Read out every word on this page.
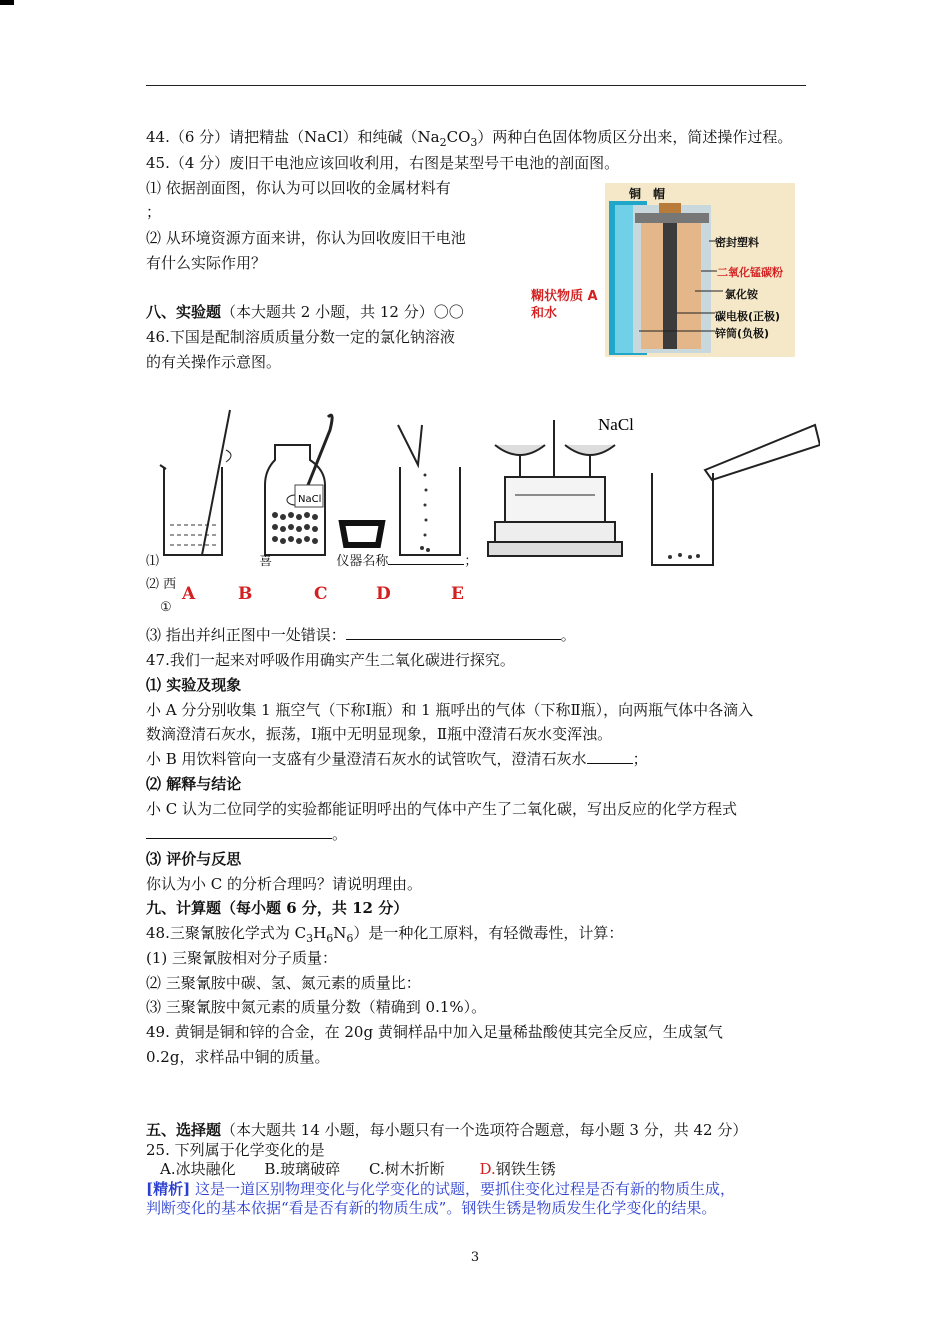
44.（6 分）请把精盐（NaCl）和纯碱$(Na_2CO_3)$两种白色固体物质区分出来，简述操作过程。
45.（4 分）废旧干电池应该回收利用，右图是某型号干电池的剖面图。
⑴ 依据剖面图，你认为可以回收的金属材料有
；
⑵ 从环境资源方面来讲，你认为回收废旧干电池
有什么实际作用？
铜　帽
密封塑料
二氧化锰碳粉
氯化铵
碳电极(正极)
锌筒(负极)
糊状物质 A
和水
八、实验题（本大题共 2 小题，共 12 分）〇〇
46.下国是配制溶质质量分数一定的氯化钠溶液
的有关操作示意图。
NaCl
NaCl
⑴	喜	仪器名称	；
⑵ 西
①
A	B	C	D	E
⑶ 指出并纠正图中一处错误：	。
47.我们一起来对呼吸作用确实产生二氧化碳进行探究。
⑴ 实验及现象
小 A 分分别收集 1 瓶空气（下称Ⅰ瓶）和 1 瓶呼出的气体（下称Ⅱ瓶），向两瓶气体中各滴入
数滴澄清石灰水，振荡，Ⅰ瓶中无明显现象，Ⅱ瓶中澄清石灰水变浑浊。
小 B 用饮料管向一支盛有少量澄清石灰水的试管吹气，澄清石灰水	；
⑵ 解释与结论
小 C 认为二位同学的实验都能证明呼出的气体中产生了二氧化碳，写出反应的化学方程式
。
⑶ 评价与反思
你认为小 C 的分析合理吗？请说明理由。
九、计算题（每小题 6 分，共 12 分）
48.三聚氰胺化学式为 $C_3H_6N_6$）是一种化工原料，有轻微毒性，计算：
(1) 三聚氰胺相对分子质量：
⑵ 三聚氰胺中碳、氢、氮元素的质量比：
⑶ 三聚氰胺中氮元素的质量分数（精确到 0.1%）。
49. 黄铜是铜和锌的合金，在 20g 黄铜样品中加入足量稀盐酸使其完全反应，生成氢气
0.2g，求样品中铜的质量。
五、选择题（本大题共 14 小题，每小题只有一个选项符合题意，每小题 3 分，共 42 分）
25. 下列属于化学变化的是
A.冰块融化 B.玻璃破碎 C.树木折断 D.钢铁生锈
[精析] 这是一道区别物理变化与化学变化的试题，要抓住变化过程是否有新的物质生成，
判断变化的基本依据“看是否有新的物质生成”。钢铁生锈是物质发生化学变化的结果。
3
